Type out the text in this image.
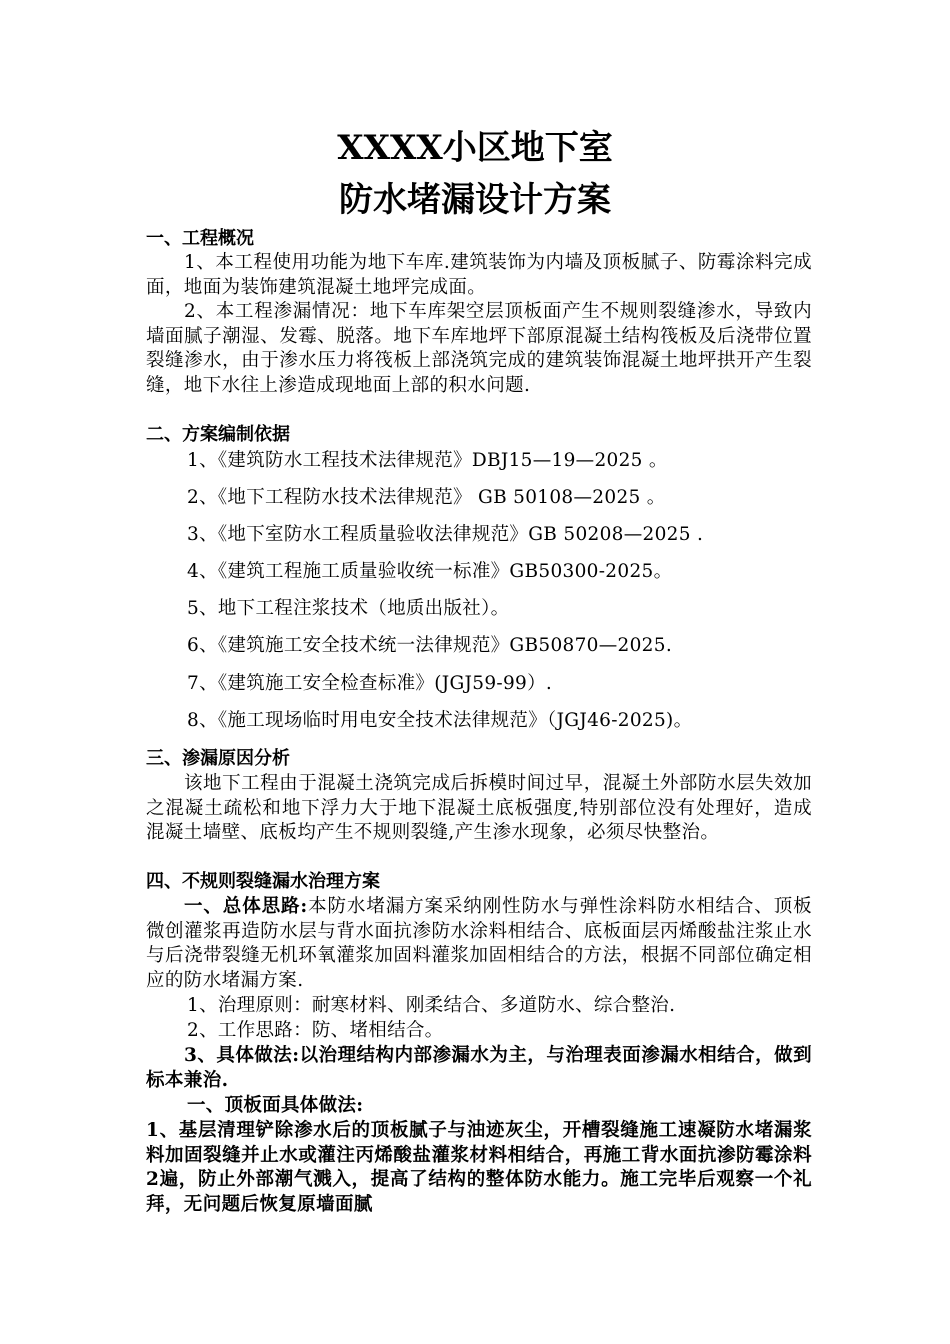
XXXX小区地下室
防水堵漏设计方案
一、工程概况
1、本工程使用功能为地下车库.建筑装饰为内墙及顶板腻子、防霉涂料完成面，地面为装饰建筑混凝土地坪完成面。
2、本工程渗漏情况：地下车库架空层顶板面产生不规则裂缝渗水，导致内墙面腻子潮湿、发霉、脱落。地下车库地坪下部原混凝土结构筏板及后浇带位置裂缝渗水，由于渗水压力将筏板上部浇筑完成的建筑装饰混凝土地坪拱开产生裂缝，地下水往上渗造成现地面上部的积水问题.
二、方案编制依据
1、《建筑防水工程技术法律规范》DBJ15—19—2025 。
2、《地下工程防水技术法律规范》 GB 50108—2025 。
3、《地下室防水工程质量验收法律规范》GB 50208—2025 .
4、《建筑工程施工质量验收统一标准》GB50300-2025。
5、地下工程注浆技术（地质出版社）。
6、《建筑施工安全技术统一法律规范》GB50870—2025.
7、《建筑施工安全检查标准》(JGJ59-99）.
8、《施工现场临时用电安全技术法律规范》（JGJ46-2025)。
三、渗漏原因分析
该地下工程由于混凝土浇筑完成后拆模时间过早，混凝土外部防水层失效加之混凝土疏松和地下浮力大于地下混凝土底板强度,特别部位没有处理好，造成混凝土墙壁、底板均产生不规则裂缝,产生渗水现象，必须尽快整治。
四、不规则裂缝漏水治理方案
一、总体思路:本防水堵漏方案采纳刚性防水与弹性涂料防水相结合、顶板微创灌浆再造防水层与背水面抗渗防水涂料相结合、底板面层丙烯酸盐注浆止水与后浇带裂缝无机环氧灌浆加固料灌浆加固相结合的方法，根据不同部位确定相应的防水堵漏方案.
1、治理原则：耐寒材料、刚柔结合、多道防水、综合整治.
2、工作思路：防、堵相结合。
3、具体做法:以治理结构内部渗漏水为主，与治理表面渗漏水相结合，做到标本兼治.
一、顶板面具体做法:
1、基层清理铲除渗水后的顶板腻子与油迹灰尘，开槽裂缝施工速凝防水堵漏浆料加固裂缝并止水或灌注丙烯酸盐灌浆材料相结合，再施工背水面抗渗防霉涂料2遍，防止外部潮气溅入，提高了结构的整体防水能力。施工完毕后观察一个礼拜，无问题后恢复原墙面腻
